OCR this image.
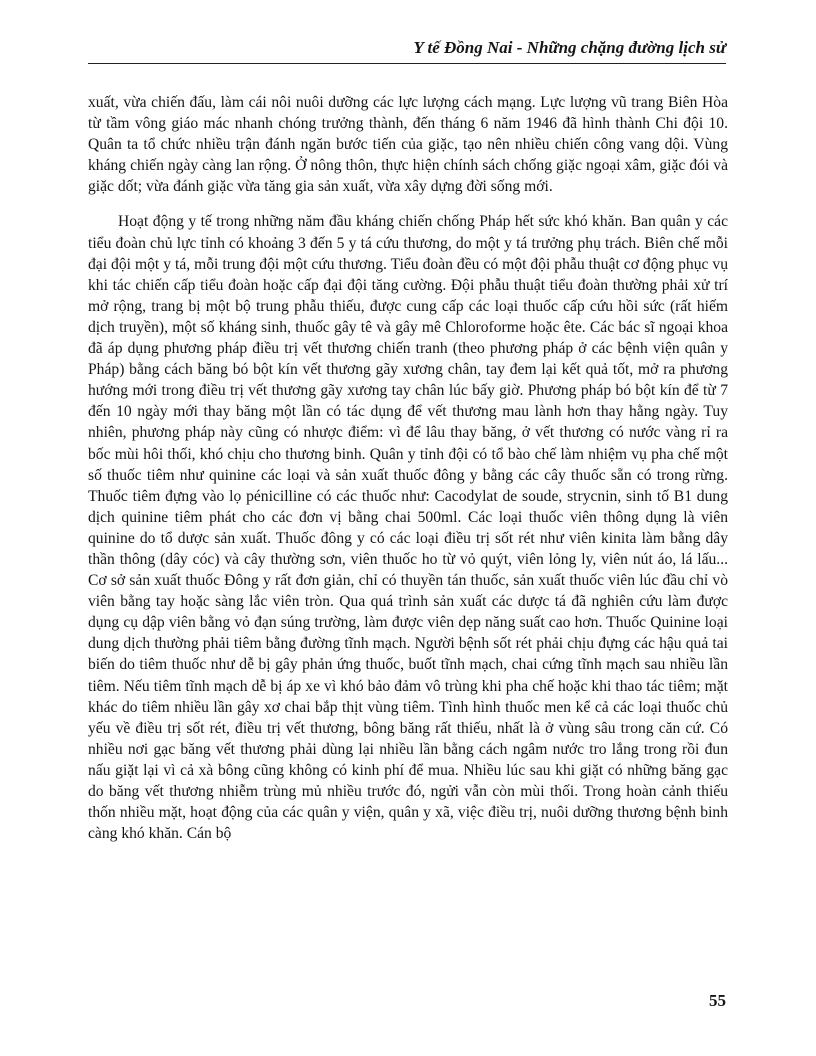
Y tế Đồng Nai - Những chặng đường lịch sử

xuất, vừa chiến đấu, làm cái nôi nuôi dưỡng các lực lượng cách mạng. Lực lượng vũ trang Biên Hòa từ tầm vông giáo mác nhanh chóng trưởng thành, đến tháng 6 năm 1946 đã hình thành Chi đội 10. Quân ta tổ chức nhiều trận đánh ngăn bước tiến của giặc, tạo nên nhiều chiến công vang dội. Vùng kháng chiến ngày càng lan rộng. Ở nông thôn, thực hiện chính sách chống giặc ngoại xâm, giặc đói và giặc dốt; vừa đánh giặc vừa tăng gia sản xuất, vừa xây dựng đời sống mới.

Hoạt động y tế trong những năm đầu kháng chiến chống Pháp hết sức khó khăn. Ban quân y các tiểu đoàn chủ lực tỉnh có khoảng 3 đến 5 y tá cứu thương, do một y tá trưởng phụ trách. Biên chế mỗi đại đội một y tá, mỗi trung đội một cứu thương. Tiểu đoàn đều có một đội phẫu thuật cơ động phục vụ khi tác chiến cấp tiểu đoàn hoặc cấp đại đội tăng cường. Đội phẫu thuật tiểu đoàn thường phải xử trí mở rộng, trang bị một bộ trung phẫu thiếu, được cung cấp các loại thuốc cấp cứu hồi sức (rất hiếm dịch truyền), một số kháng sinh, thuốc gây tê và gây mê Chloroforme hoặc ête. Các bác sĩ ngoại khoa đã áp dụng phương pháp điều trị vết thương chiến tranh (theo phương pháp ở các bệnh viện quân y Pháp) bằng cách băng bó bột kín vết thương gãy xương chân, tay đem lại kết quả tốt, mở ra phương hướng mới trong điều trị vết thương gãy xương tay chân lúc bấy giờ. Phương pháp bó bột kín để từ 7 đến 10 ngày mới thay băng một lần có tác dụng để vết thương mau lành hơn thay hằng ngày. Tuy nhiên, phương pháp này cũng có nhược điểm: vì để lâu thay băng, ở vết thương có nước vàng rỉ ra bốc mùi hôi thối, khó chịu cho thương binh. Quân y tỉnh đội có tổ bào chế làm nhiệm vụ pha chế một số thuốc tiêm như quinine các loại và sản xuất thuốc đông y bằng các cây thuốc sẵn có trong rừng. Thuốc tiêm đựng vào lọ pénicilline có các thuốc như: Cacodylat de soude, strycnin, sinh tố B1 dung dịch quinine tiêm phát cho các đơn vị bằng chai 500ml. Các loại thuốc viên thông dụng là viên quinine do tổ dược sản xuất. Thuốc đông y có các loại điều trị sốt rét như viên kinita làm bằng dây thần thông (dây cóc) và cây thường sơn, viên thuốc ho từ vỏ quýt, viên lỏng ly, viên nút áo, lá lấu... Cơ sở sản xuất thuốc Đông y rất đơn giản, chỉ có thuyền tán thuốc, sản xuất thuốc viên lúc đầu chỉ vò viên bằng tay hoặc sàng lắc viên tròn. Qua quá trình sản xuất các dược tá đã nghiên cứu làm được dụng cụ dập viên bằng vỏ đạn súng trường, làm được viên dẹp năng suất cao hơn. Thuốc Quinine loại dung dịch thường phải tiêm bằng đường tĩnh mạch. Người bệnh sốt rét phải chịu đựng các hậu quả tai biến do tiêm thuốc như dễ bị gây phản ứng thuốc, buốt tĩnh mạch, chai cứng tĩnh mạch sau nhiều lần tiêm. Nếu tiêm tĩnh mạch dễ bị áp xe vì khó bảo đảm vô trùng khi pha chế hoặc khi thao tác tiêm; mặt khác do tiêm nhiều lần gây xơ chai bắp thịt vùng tiêm. Tình hình thuốc men kể cả các loại thuốc chủ yếu về điều trị sốt rét, điều trị vết thương, bông băng rất thiếu, nhất là ở vùng sâu trong căn cứ. Có nhiều nơi gạc băng vết thương phải dùng lại nhiều lần bằng cách ngâm nước tro lắng trong rồi đun nấu giặt lại vì cả xà bông cũng không có kinh phí để mua. Nhiều lúc sau khi giặt có những băng gạc do băng vết thương nhiễm trùng mủ nhiều trước đó, ngửi vẫn còn mùi thối. Trong hoàn cảnh thiếu thốn nhiều mặt, hoạt động của các quân y viện, quân y xã, việc điều trị, nuôi dưỡng thương bệnh binh càng khó khăn. Cán bộ

55
